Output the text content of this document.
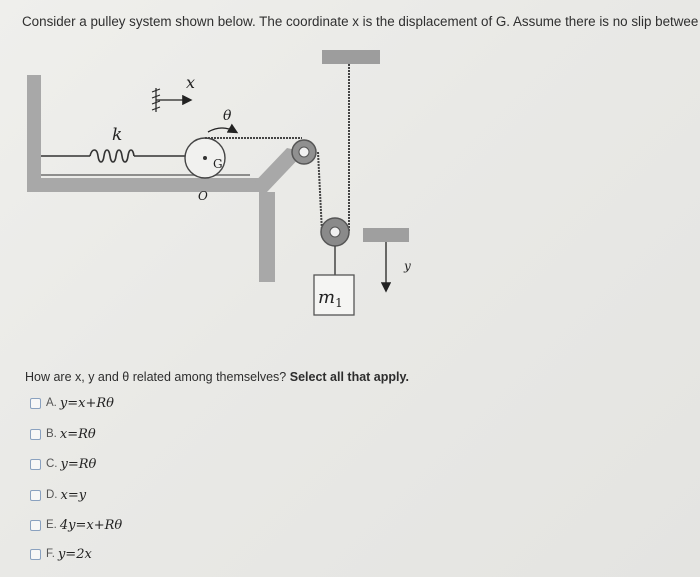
Consider a pulley system shown below. The coordinate x is the displacement of G. Assume there is no slip betwee
x
θ
k
G
O
$m_1$
y
How are x, y and θ related among themselves? Select all that apply.
A. y=x+Rθ
B. x=Rθ
C. y=Rθ
D. x=y
E. 4y=x+Rθ
F. y=2x
